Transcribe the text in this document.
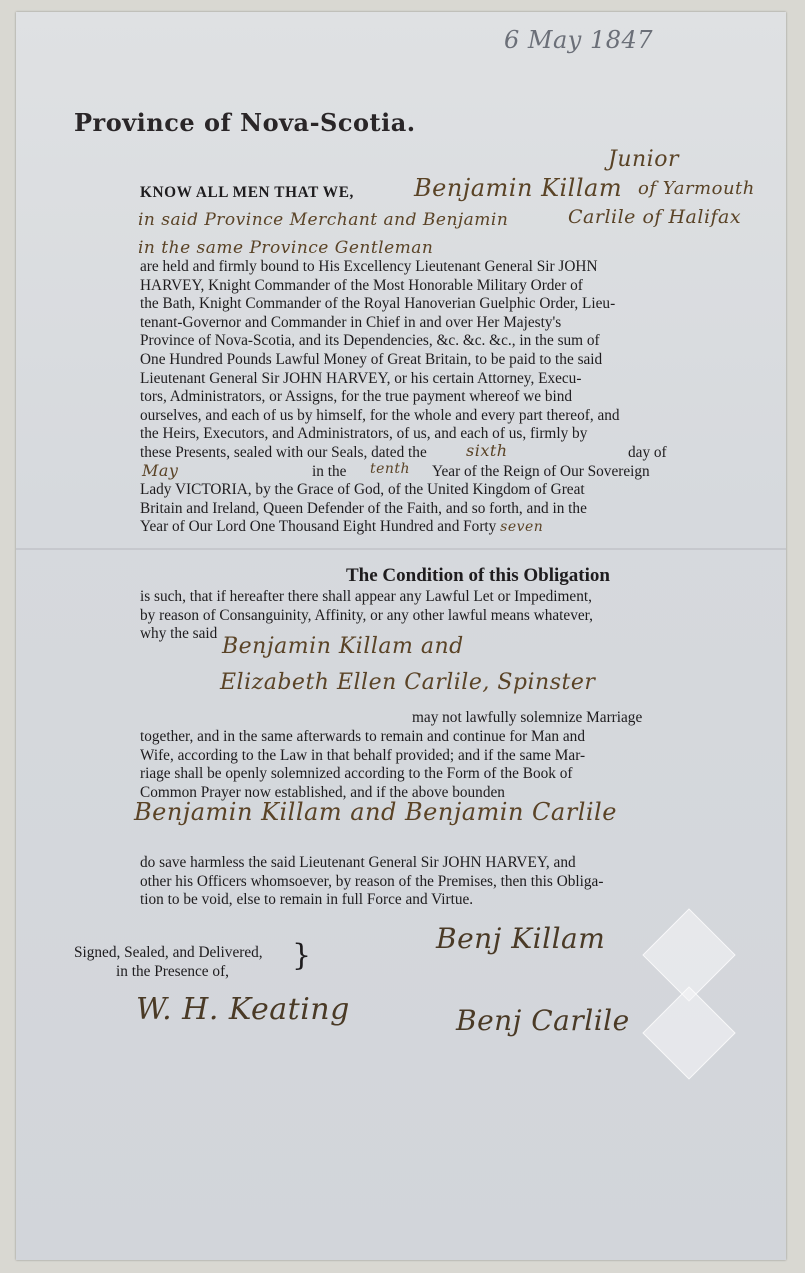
6 May 1847
Province of Nova-Scotia.
Junior
KNOW ALL MEN THAT WE,	Benjamin Killam of Yarmouth
in said Province Merchant and Benjamin	Carlile of Halifax
in the same Province Gentleman
are held and firmly bound to His Excellency Lieutenant General Sir JOHN
HARVEY, Knight Commander of the Most Honorable Military Order of
the Bath, Knight Commander of the Royal Hanoverian Guelphic Order, Lieu-
tenant-Governor and Commander in Chief in and over Her Majesty's
Province of Nova-Scotia, and its Dependencies, &c. &c. &c., in the sum of
One Hundred Pounds Lawful Money of Great Britain, to be paid to the said
Lieutenant General Sir JOHN HARVEY, or his certain Attorney, Execu-
tors, Administrators, or Assigns, for the true payment whereof we bind
ourselves, and each of us by himself, for the whole and every part thereof, and
the Heirs, Executors, and Administrators, of us, and each of us, firmly by
these Presents, sealed with our Seals, dated the sixth	day of
May	in the tenth Year of the Reign of Our Sovereign
Lady VICTORIA, by the Grace of God, of the United Kingdom of Great
Britain and Ireland, Queen Defender of the Faith, and so forth, and in the
Year of Our Lord One Thousand Eight Hundred and Forty seven
The Condition of this Obligation
is such, that if hereafter there shall appear any Lawful Let or Impediment,
by reason of Consanguinity, Affinity, or any other lawful means whatever,
why the said
Benjamin Killam and
Elizabeth Ellen Carlile, Spinster
may not lawfully solemnize Marriage
together, and in the same afterwards to remain and continue for Man and
Wife, according to the Law in that behalf provided; and if the same Mar-
riage shall be openly solemnized according to the Form of the Book of
Common Prayer now established, and if the above bounden
Benjamin Killam and Benjamin Carlile
do save harmless the said Lieutenant General Sir JOHN HARVEY, and
other his Officers whomsoever, by reason of the Premises, then this Obliga-
tion to be void, else to remain in full Force and Virtue.
Benj Killam
Benj Carlile
Signed, Sealed, and Delivered,
in the Presence of, }
W. H. Keating
